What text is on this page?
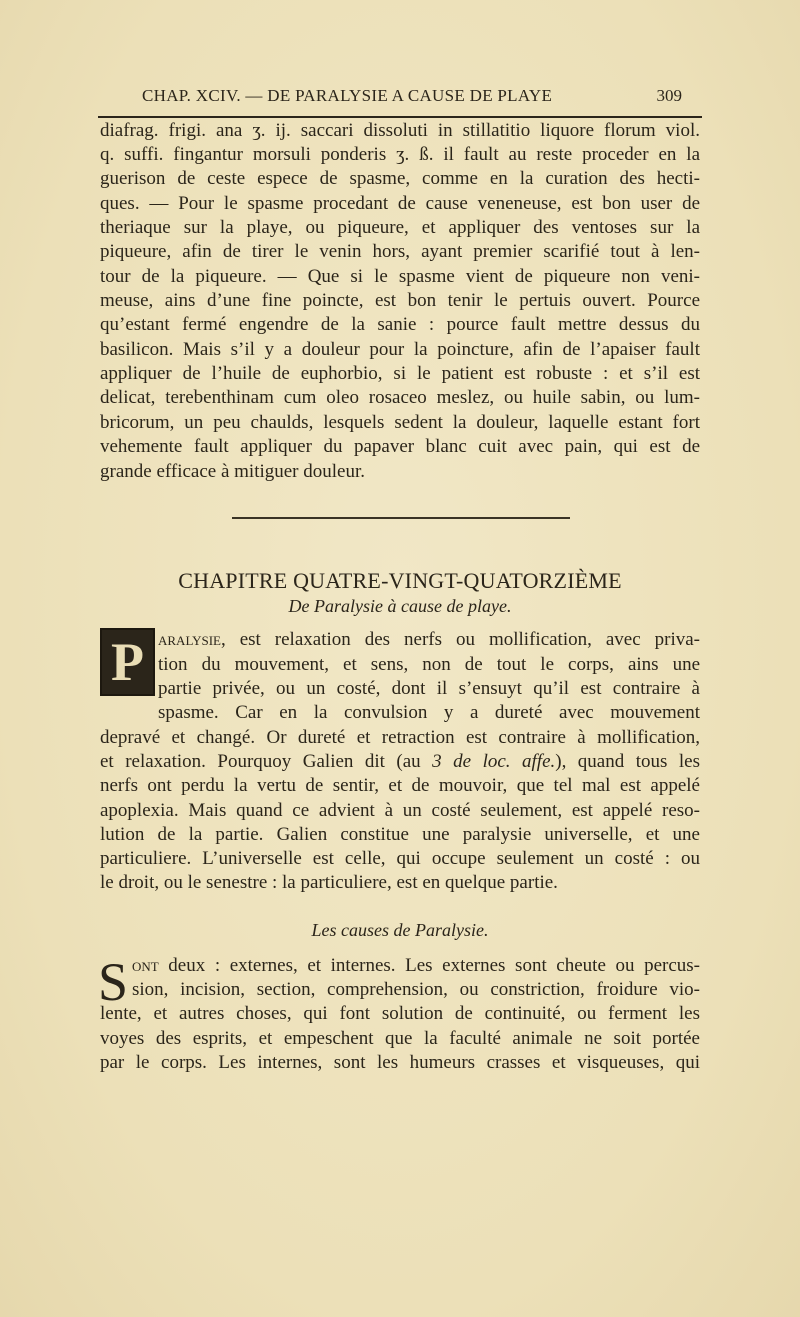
CHAP. XCIV. — DE PARALYSIE A CAUSE DE PLAYE	309
diafrag. frigi. ana ʒ. ij. saccari dissoluti in stillatitio liquore florum viol.
q. suffi. fingantur morsuli ponderis ʒ. ß. il fault au reste proceder en la
guerison de ceste espece de spasme, comme en la curation des hecti-
ques. — Pour le spasme procedant de cause veneneuse, est bon user de
theriaque sur la playe, ou piqueure, et appliquer des ventoses sur la
piqueure, afin de tirer le venin hors, ayant premier scarifié tout à len-
tour de la piqueure. — Que si le spasme vient de piqueure non veni-
meuse, ains d’une fine poincte, est bon tenir le pertuis ouvert. Pource
qu’estant fermé engendre de la sanie : pource fault mettre dessus du
basilicon. Mais s’il y a douleur pour la poincture, afin de l’apaiser fault
appliquer de l’huile de euphorbio, si le patient est robuste : et s’il est
delicat, terebenthinam cum oleo rosaceo meslez, ou huile sabin, ou lum-
bricorum, un peu chaulds, lesquels sedent la douleur, laquelle estant fort
vehemente fault appliquer du papaver blanc cuit avec pain, qui est de
grande efficace à mitiguer douleur.
CHAPITRE QUATRE-VINGT-QUATORZIÈME
De Paralysie à cause de playe.
P aralysie, est relaxation des nerfs ou mollification, avec priva-
tion du mouvement, et sens, non de tout le corps, ains une
partie privée, ou un costé, dont il s’ensuyt qu’il est contraire à
spasme. Car en la convulsion y a dureté avec mouvement
depravé et changé. Or dureté et retraction est contraire à mollification,
et relaxation. Pourquoy Galien dit (au 3 de loc. affe.), quand tous les
nerfs ont perdu la vertu de sentir, et de mouvoir, que tel mal est appelé
apoplexia. Mais quand ce advient à un costé seulement, est appelé reso-
lution de la partie. Galien constitue une paralysie universelle, et une
particuliere. L’universelle est celle, qui occupe seulement un costé : ou
le droit, ou le senestre : la particuliere, est en quelque partie.
Les causes de Paralysie.
S ont deux : externes, et internes. Les externes sont cheute ou percus-
sion, incision, section, comprehension, ou constriction, froidure vio-
lente, et autres choses, qui font solution de continuité, ou ferment les
voyes des esprits, et empeschent que la faculté animale ne soit portée
par le corps. Les internes, sont les humeurs crasses et visqueuses, qui
